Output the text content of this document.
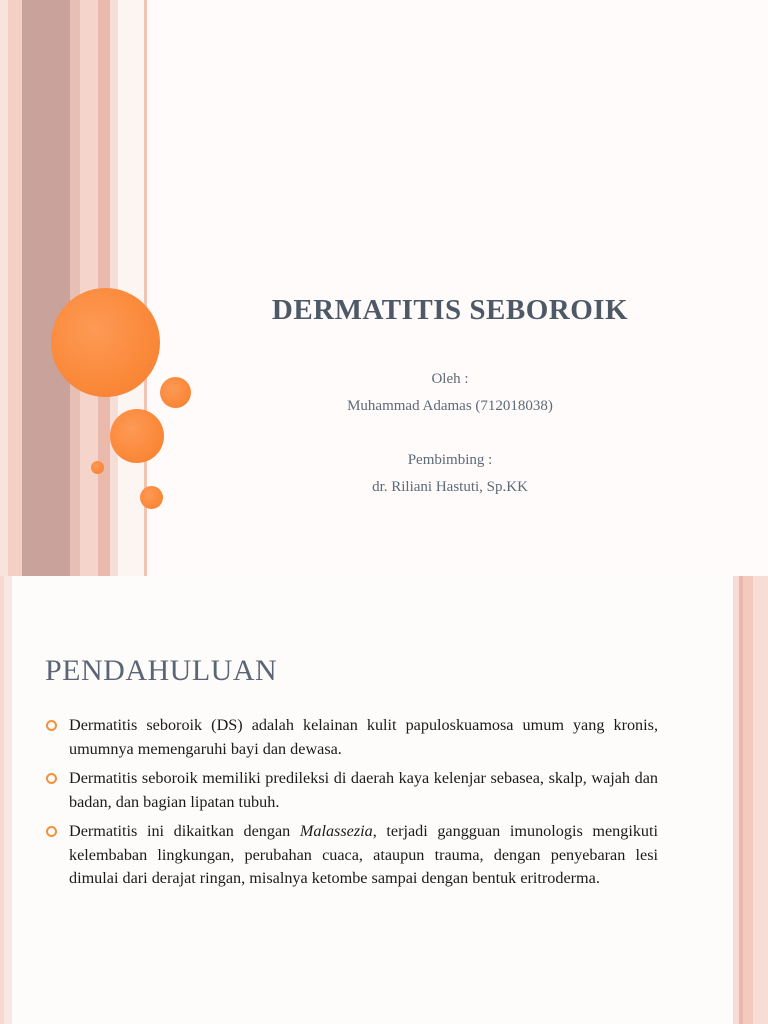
DERMATITIS SEBOROIK

Oleh :

Muhammad Adamas (712018038)

Pembimbing :

dr. Riliani Hastuti, Sp.KK

PENDAHULUAN
Dermatitis seboroik (DS) adalah kelainan kulit papuloskuamosa umum yang kronis, umumnya memengaruhi bayi dan dewasa.
Dermatitis seboroik memiliki predileksi di daerah kaya kelenjar sebasea, skalp, wajah dan badan, dan bagian lipatan tubuh.
Dermatitis ini dikaitkan dengan Malassezia, terjadi gangguan imunologis mengikuti kelembaban lingkungan, perubahan cuaca, ataupun trauma, dengan penyebaran lesi dimulai dari derajat ringan, misalnya ketombe sampai dengan bentuk eritroderma.
